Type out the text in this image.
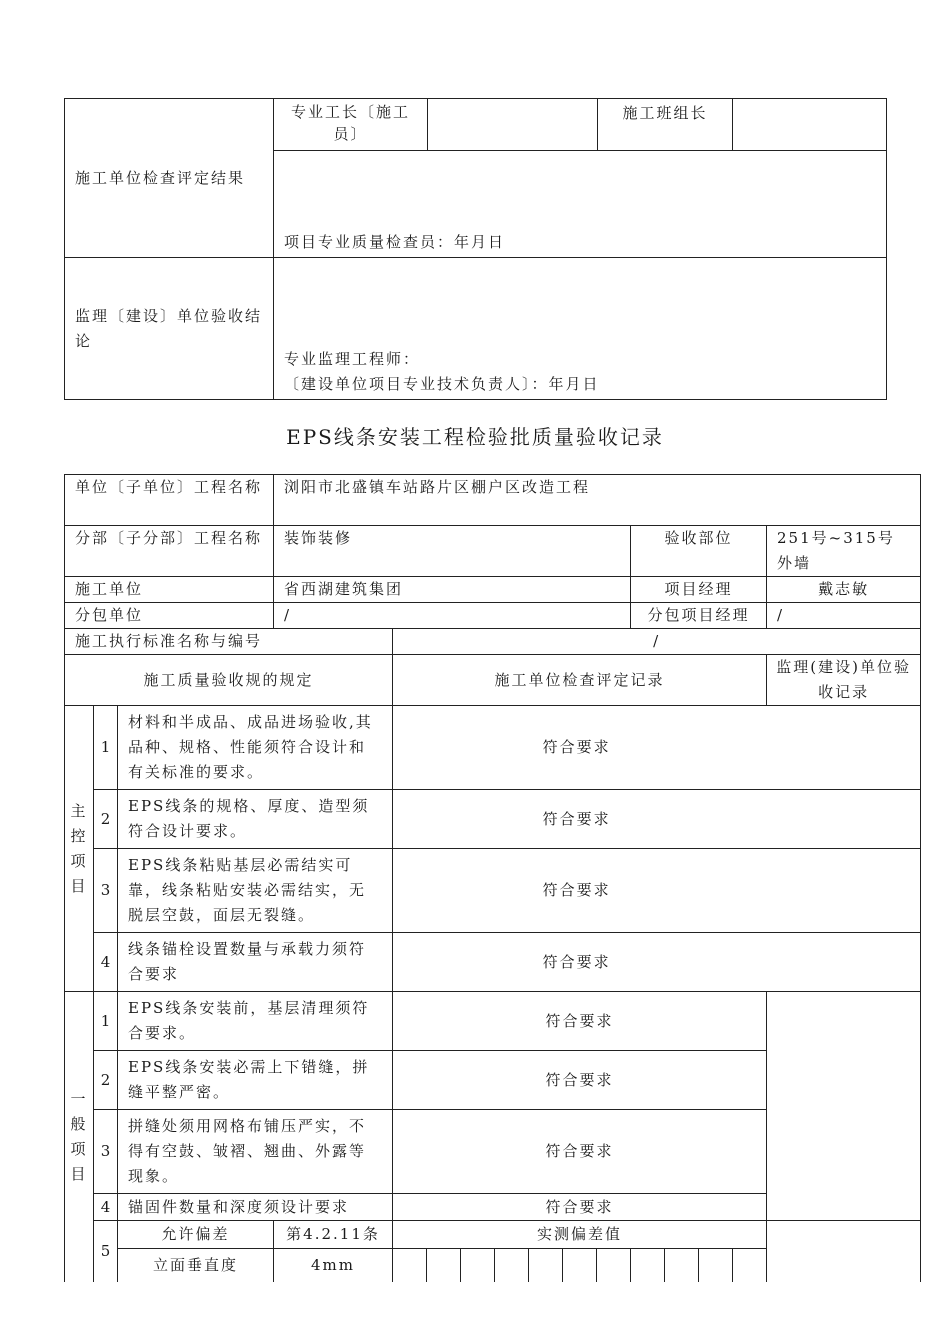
施工单位检查评定结果	专业工长〔施工员〕		施工班组长	
	项目专业质量检查员：年月日			
监理〔建设〕单位验收结论	专业监理工程师：
〔建设单位项目专业技术负责人〕：年月日			
EPS线条安装工程检验批质量验收记录
单位〔子单位〕工程名称			浏阳市北盛镇车站路片区棚户区改造工程											
分部〔子分部〕工程名称			装饰装修								验收部位			251号~315号外墙
施工单位			省西湖建筑集团								项目经理			戴志敏
分包单位			/								分包项目经理			/
施工执行标准名称与编号				/										
施工质量验收规的规定				施工单位检查评定记录										监理(建设)单位验收记录

主
控
项
目	1	材料和半成品、成品进场验收,其品种、规格、性能须符合设计和有关标准的要求。		符合要求										
	2	EPS线条的规格、厚度、造型须符合设计要求。		符合要求										
	3	EPS线条粘贴基层必需结实可靠，线条粘贴安装必需结实，无脱层空鼓，面层无裂缝。		符合要求										
	4	线条锚栓设置数量与承载力须符合要求		符合要求										

一
般
项
目	1	EPS线条安装前，基层清理须符合要求。		符合要求										
	2	EPS线条安装必需上下错缝，拼缝平整严密。		符合要求										
	3	拼缝处须用网格布铺压严实，不得有空鼓、皱褶、翘曲、外露等现象。		符合要求										
	4	锚固件数量和深度须设计要求		符合要求										
	5	允许偏差	第4.2.11条	实测偏差值										
		立面垂直度	4mm											
